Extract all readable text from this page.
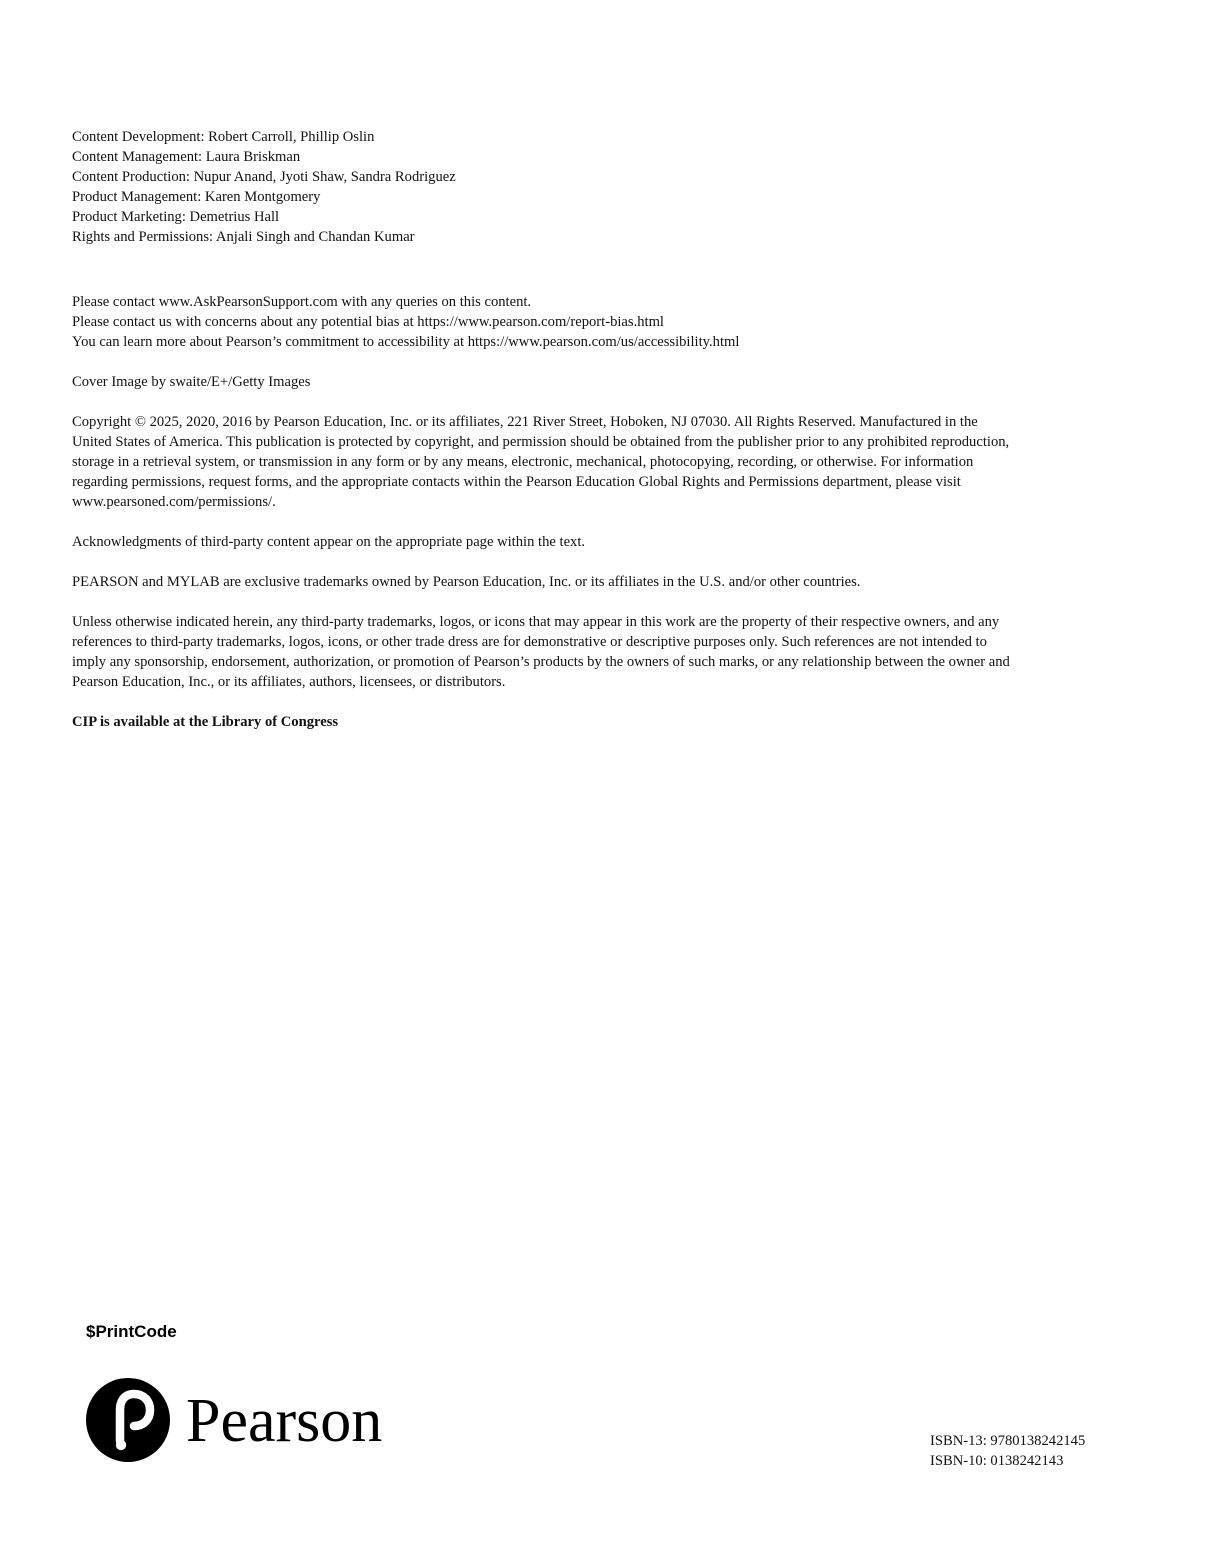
Content Development: Robert Carroll, Phillip Oslin
Content Management: Laura Briskman
Content Production: Nupur Anand, Jyoti Shaw, Sandra Rodriguez
Product Management: Karen Montgomery
Product Marketing: Demetrius Hall
Rights and Permissions: Anjali Singh and Chandan Kumar
Please contact www.AskPearsonSupport.com with any queries on this content.
Please contact us with concerns about any potential bias at https://www.pearson.com/report-bias.html
You can learn more about Pearson’s commitment to accessibility at https://www.pearson.com/us/accessibility.html
Cover Image by swaite/E+/Getty Images
Copyright © 2025, 2020, 2016 by Pearson Education, Inc. or its affiliates, 221 River Street, Hoboken, NJ 07030. All Rights Reserved. Manufactured in the
United States of America. This publication is protected by copyright, and permission should be obtained from the publisher prior to any prohibited reproduction,
storage in a retrieval system, or transmission in any form or by any means, electronic, mechanical, photocopying, recording, or otherwise. For information
regarding permissions, request forms, and the appropriate contacts within the Pearson Education Global Rights and Permissions department, please visit
www.pearsoned.com/permissions/.
Acknowledgments of third-party content appear on the appropriate page within the text.
PEARSON and MYLAB are exclusive trademarks owned by Pearson Education, Inc. or its affiliates in the U.S. and/or other countries.
Unless otherwise indicated herein, any third-party trademarks, logos, or icons that may appear in this work are the property of their respective owners, and any
references to third-party trademarks, logos, icons, or other trade dress are for demonstrative or descriptive purposes only. Such references are not intended to
imply any sponsorship, endorsement, authorization, or promotion of Pearson’s products by the owners of such marks, or any relationship between the owner and
Pearson Education, Inc., or its affiliates, authors, licensees, or distributors.
CIP is available at the Library of Congress
$PrintCode
Pearson	ISBN-13: 9780138242145
ISBN-10: 0138242143
